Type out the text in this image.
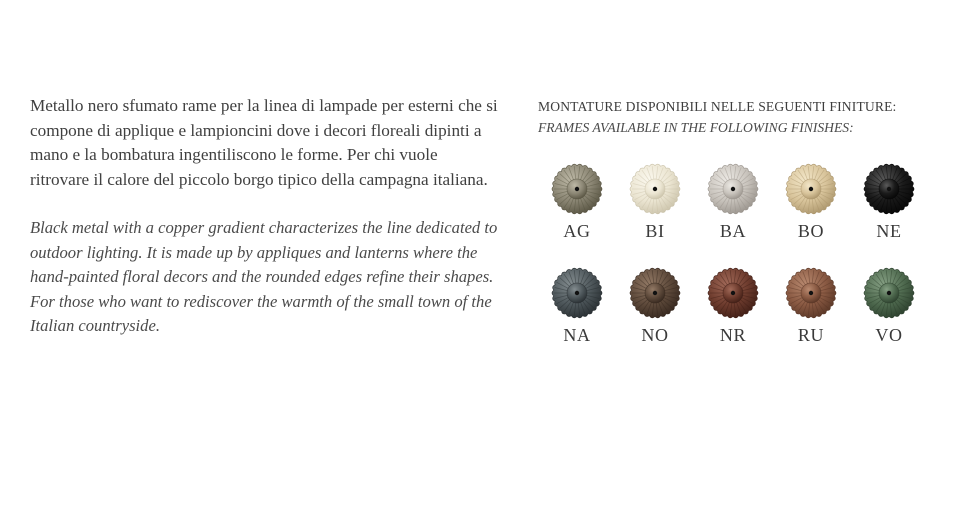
Metallo nero sfumato rame per la linea di lampade per esterni che si compone di applique e lampioncini dove i decori floreali dipinti a mano e la bombatura ingentiliscono le forme. Per chi vuole ritrovare il calore del piccolo borgo tipico della campagna italiana.

Black metal with a copper gradient characterizes the line dedicated to outdoor lighting. It is made up by appliques and lanterns where the hand-painted floral decors and the rounded edges refine their shapes. For those who want to rediscover the warmth of the small town of the Italian countryside.

MONTATURE DISPONIBILI NELLE SEGUENTI FINITURE:
FRAMES AVAILABLE IN THE FOLLOWING FINISHES:
AG	BI	BA	BO	NE
NA	NO	NR	RU	VO
